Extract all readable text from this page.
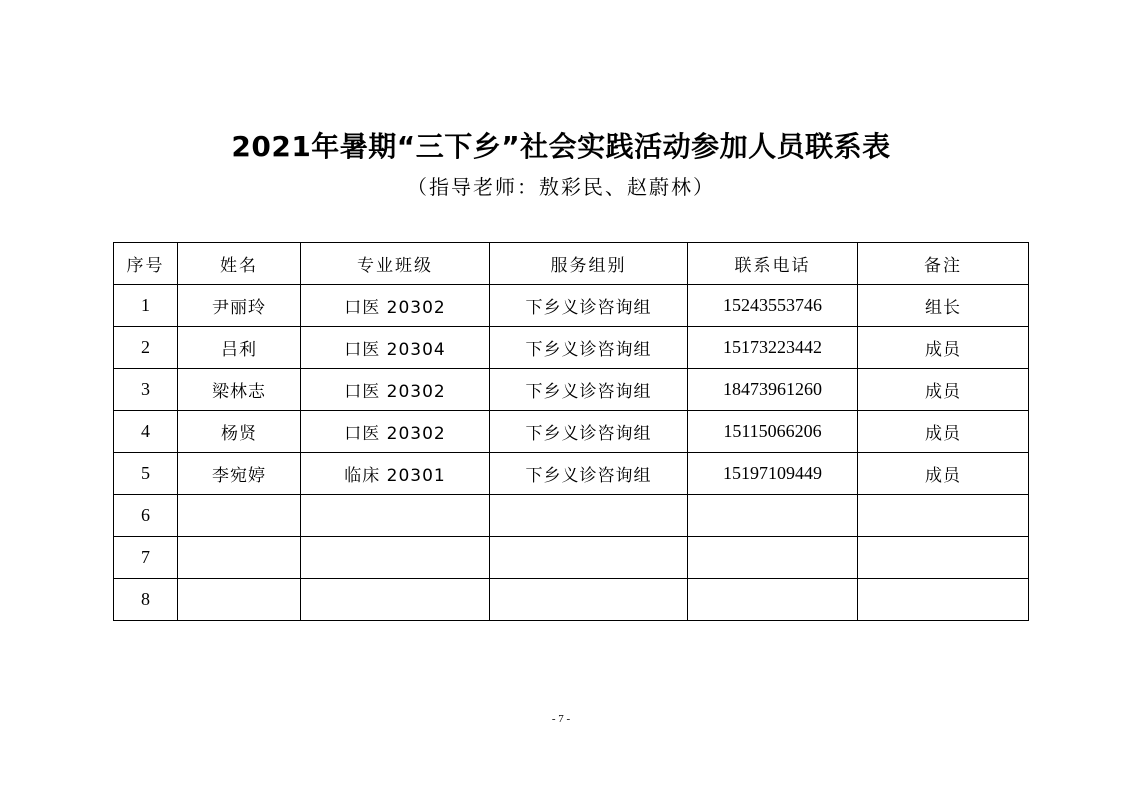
2021年暑期“三下乡”社会实践活动参加人员联系表
（指导老师：敖彩民、赵蔚林）
序号	姓名	专业班级	服务组别	联系电话	备注
1	尹丽玲	口医 20302	下乡义诊咨询组	15243553746	组长
2	吕利	口医 20304	下乡义诊咨询组	15173223442	成员
3	梁林志	口医 20302	下乡义诊咨询组	18473961260	成员
4	杨贤	口医 20302	下乡义诊咨询组	15115066206	成员
5	李宛婷	临床 20301	下乡义诊咨询组	15197109449	成员
6					
7					
8					
- 7 -
